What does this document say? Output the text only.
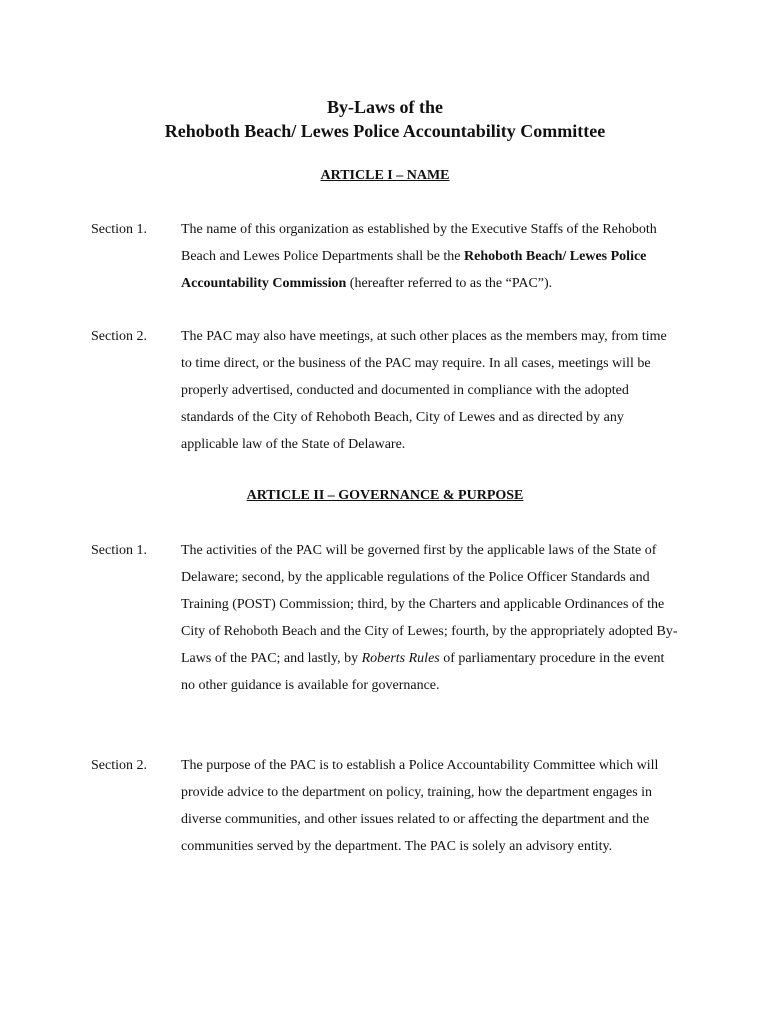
By-Laws of the
Rehoboth Beach/ Lewes Police Accountability Committee
ARTICLE I – NAME
Section 1. The name of this organization as established by the Executive Staffs of the Rehoboth Beach and Lewes Police Departments shall be the Rehoboth Beach/ Lewes Police Accountability Commission (hereafter referred to as the “PAC”).
Section 2. The PAC may also have meetings, at such other places as the members may, from time to time direct, or the business of the PAC may require. In all cases, meetings will be properly advertised, conducted and documented in compliance with the adopted standards of the City of Rehoboth Beach, City of Lewes and as directed by any applicable law of the State of Delaware.
ARTICLE II – GOVERNANCE & PURPOSE
Section 1. The activities of the PAC will be governed first by the applicable laws of the State of Delaware; second, by the applicable regulations of the Police Officer Standards and Training (POST) Commission; third, by the Charters and applicable Ordinances of the City of Rehoboth Beach and the City of Lewes; fourth, by the appropriately adopted By-Laws of the PAC; and lastly, by Roberts Rules of parliamentary procedure in the event no other guidance is available for governance.
Section 2. The purpose of the PAC is to establish a Police Accountability Committee which will provide advice to the department on policy, training, how the department engages in diverse communities, and other issues related to or affecting the department and the communities served by the department. The PAC is solely an advisory entity.
